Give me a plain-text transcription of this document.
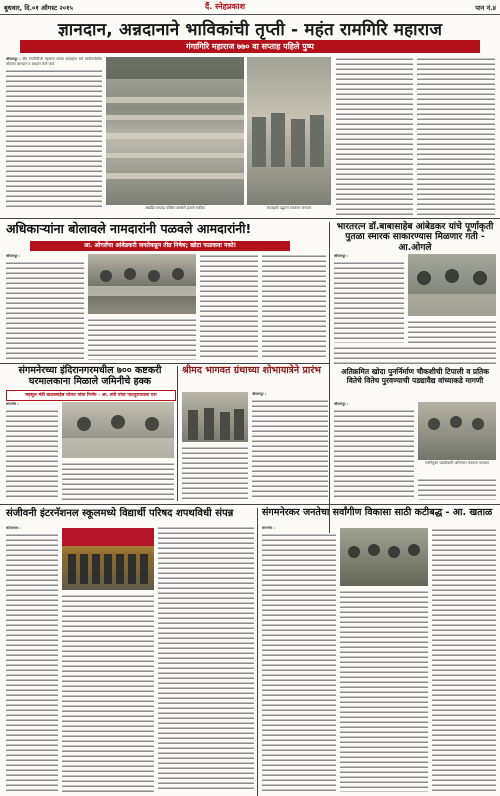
बुधवार, दि.०१ ऑगस्ट २०१५	दैं. स्नेहप्रकाश	पान नं.४
ज्ञानदान, अन्नदानाने भाविकांची तृप्ती - महंत रामगिरि महाराज
गंगागिरि महाराज ७७० वा सप्ताह पहिले पुष्प
श्रीरामपूर : दीप गंगागिरीजी महाराज यांच्या सप्ताहात सर्व जातीधर्मातील लोकांना ज्ञानदान व अन्नदान केले जाते.
अखंडित सप्ताह पंक्तित बसलेले हजारो भाविक	सप्ताहाचे उद्घाटन करताना मान्यवर
अधिकाऱ्यांना बोलावले नामदारांनी पळवले आमदारांनी!
आ. ओगलेंचा आंबेडकरी जनतेकडून तीव्र निषेध; खोटा फळकवा नको!
श्रीरामपूर :
भारतरत्न डॉ.बाबासाहेब आंबेडकर यांचे पूर्णाकृती पुतळा स्मारक साकारण्यास मिळणार गती - आ.ओगले
श्रीरामपूर :
संगमनेरच्या इंदिरानगरमधील ७०० कष्टकरी घरमालकाना मिळाले जमिनीचे हक्क
महसूल मंत्री बाळासाहेब थोरात यांचा निर्णय - आ. तांबे यांचा पाठपुराव्याला यश
संगमनेर :
श्रीमद भागवत ग्रंथाच्या शोभायात्रेने प्रारंभ
श्रीरामपूर :
अतिक्रमित खोदा पुनर्निर्माण चौकशीची टिपाली व प्रतिक वितेचे वितेच पुरवण्याची पडद्यावैद्य वांच्याकडे मागणी
श्रीरामपूर :
नवनियुक्त पदाधिकारी अभिनंदन करताना मान्यवर
संजीवनी इंटरनॅशनल स्कूलमध्ये विद्यार्थी परिषद शपथविधी संपन्न
कोपरगाव :
संगमनेरकर जनतेचा सर्वांगीण विकासा साठी कटीबद्ध - आ. खताळ
संगमनेर :
